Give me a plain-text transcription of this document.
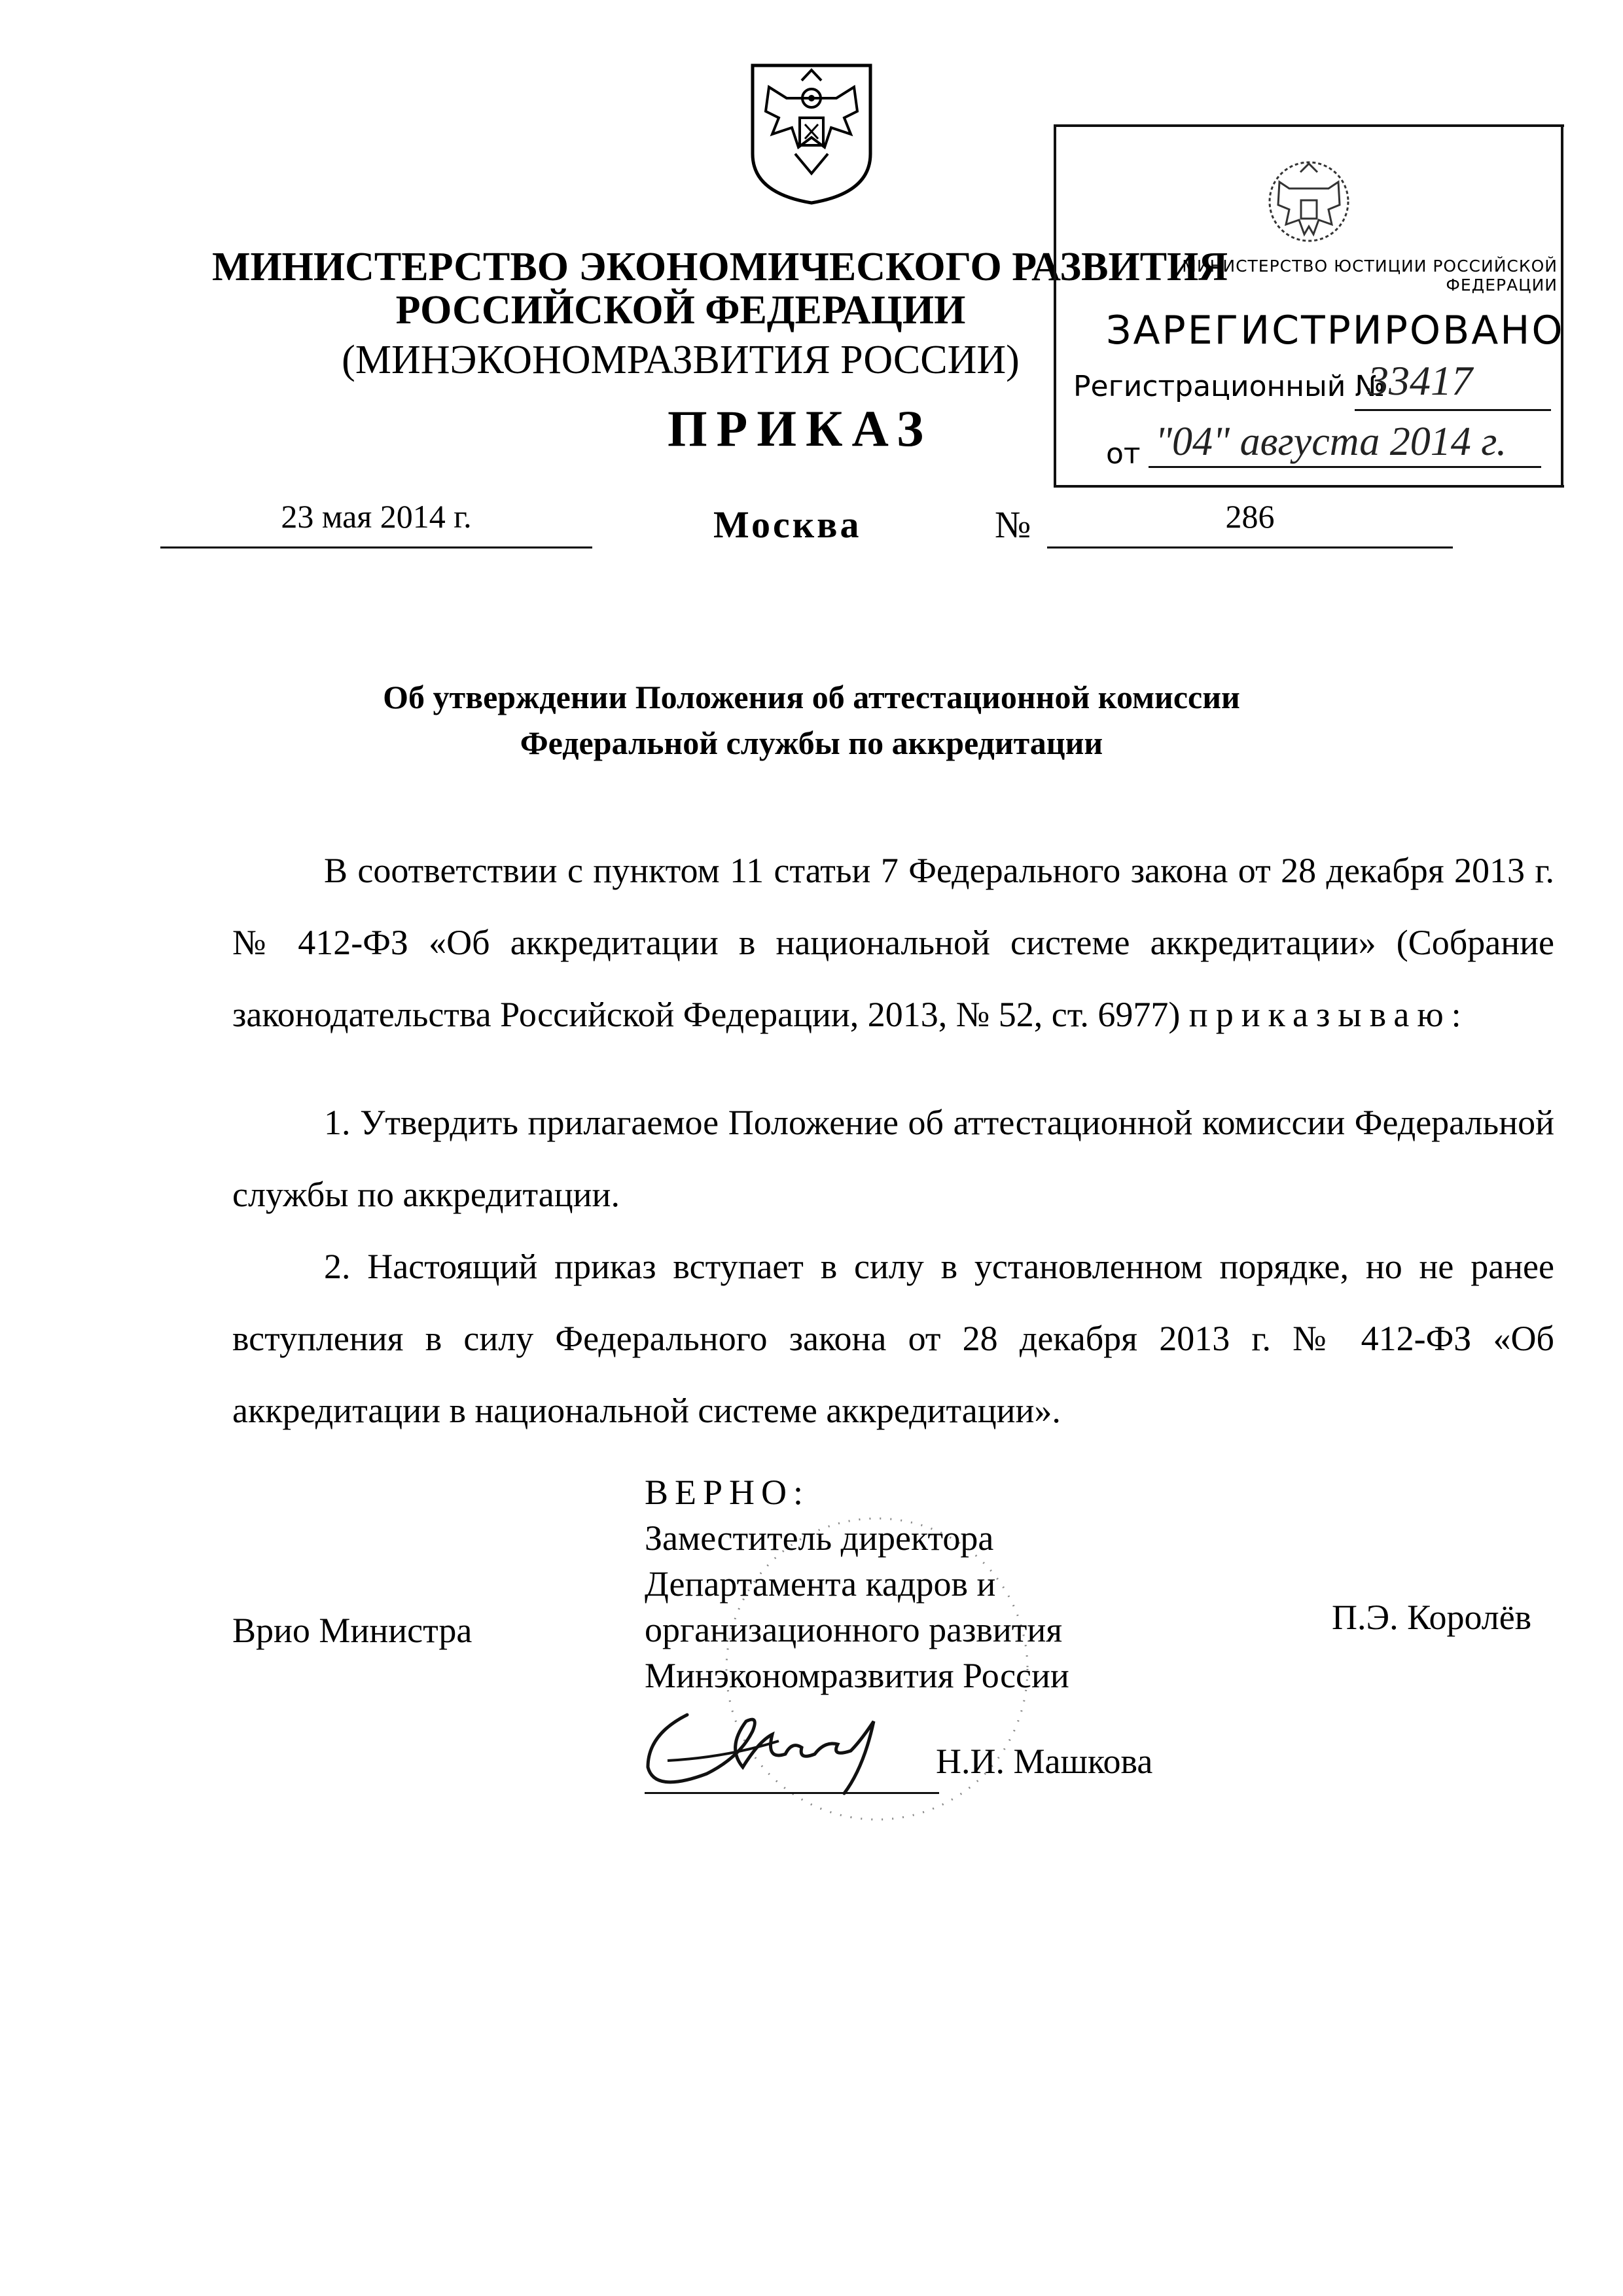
МИНИСТЕРСТВО ЭКОНОМИЧЕСКОГО РАЗВИТИЯ
РОССИЙСКОЙ ФЕДЕРАЦИИ
(МИНЭКОНОМРАЗВИТИЯ РОССИИ)
ПРИКАЗ
МИНИСТЕРСТВО ЮСТИЦИИ РОССИЙСКОЙ ФЕДЕРАЦИИ
ЗАРЕГИСТРИРОВАНО
Регистрационный №
33417
от "04" августа 2014 г.
23 мая 2014 г.	Москва	№	286
Об утверждении Положения об аттестационной комиссии
Федеральной службы по аккредитации
В соответствии с пунктом 11 статьи 7 Федерального закона от 28 декабря 2013 г. № 412-ФЗ «Об аккредитации в национальной системе аккредитации» (Собрание законодательства Российской Федерации, 2013, № 52, ст. 6977) приказываю:
1. Утвердить прилагаемое Положение об аттестационной комиссии Федеральной службы по аккредитации.
2. Настоящий приказ вступает в силу в установленном порядке, но не ранее вступления в силу Федерального закона от 28 декабря 2013 г. № 412-ФЗ «Об аккредитации в национальной системе аккредитации».
Врио Министра	П.Э. Королёв
ВЕРНО:
Заместитель директора
Департамента кадров и
организационного развития
Минэкономразвития России
Н.И. Машкова
